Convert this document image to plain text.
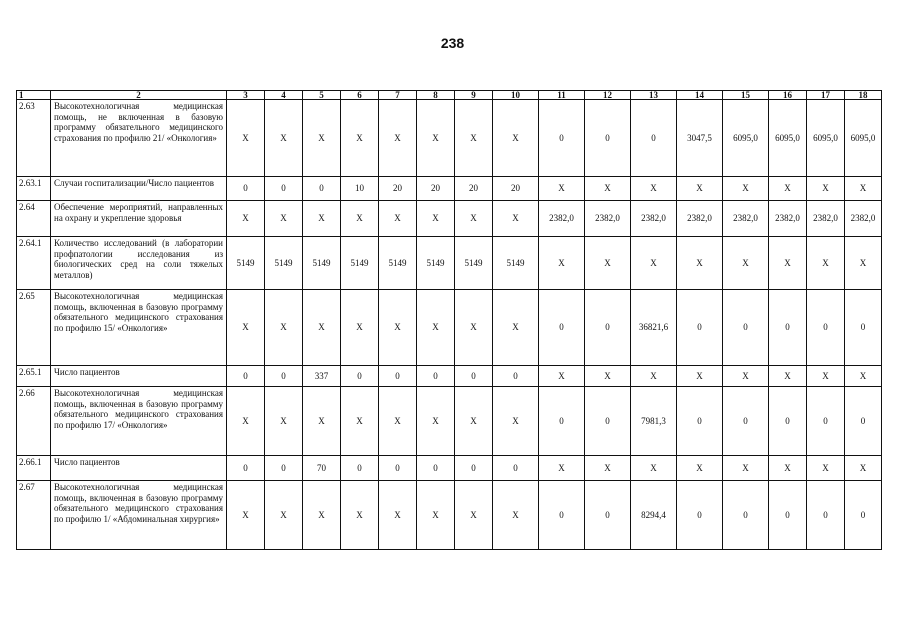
238
1	2	3	4	5	6	7	8	9	10	11	12	13	14	15	16	17	18
2.63	Высокотехнологичная медицинская помощь, не включенная в базовую программу обязательного медицинского страхования по профилю 21/ «Онкология»	X	X	X	X	X	X	X	X	0	0	0	3047,5	6095,0	6095,0	6095,0	6095,0
2.63.1	Случаи госпитализации/Число пациентов	0	0	0	10	20	20	20	20	X	X	X	X	X	X	X	X
2.64	Обеспечение мероприятий, направленных на охрану и укрепление здоровья	X	X	X	X	X	X	X	X	2382,0	2382,0	2382,0	2382,0	2382,0	2382,0	2382,0	2382,0
2.64.1	Количество исследований (в лаборатории профпатологии исследования из биологических сред на соли тяжелых металлов)	5149	5149	5149	5149	5149	5149	5149	5149	X	X	X	X	X	X	X	X
2.65	Высокотехнологичная медицинская помощь, включенная в базовую программу обязательного медицинского страхования по профилю 15/ «Онкология»	X	X	X	X	X	X	X	X	0	0	36821,6	0	0	0	0	0
2.65.1	Число пациентов	0	0	337	0	0	0	0	0	X	X	X	X	X	X	X	X
2.66	Высокотехнологичная медицинская помощь, включенная в базовую программу обязательного медицинского страхования по профилю 17/ «Онкология»	X	X	X	X	X	X	X	X	0	0	7981,3	0	0	0	0	0
2.66.1	Число пациентов	0	0	70	0	0	0	0	0	X	X	X	X	X	X	X	X
2.67	Высокотехнологичная медицинская помощь, включенная в базовую программу обязательного медицинского страхования по профилю 1/ «Абдоминальная хирургия»	X	X	X	X	X	X	X	X	0	0	8294,4	0	0	0	0	0
